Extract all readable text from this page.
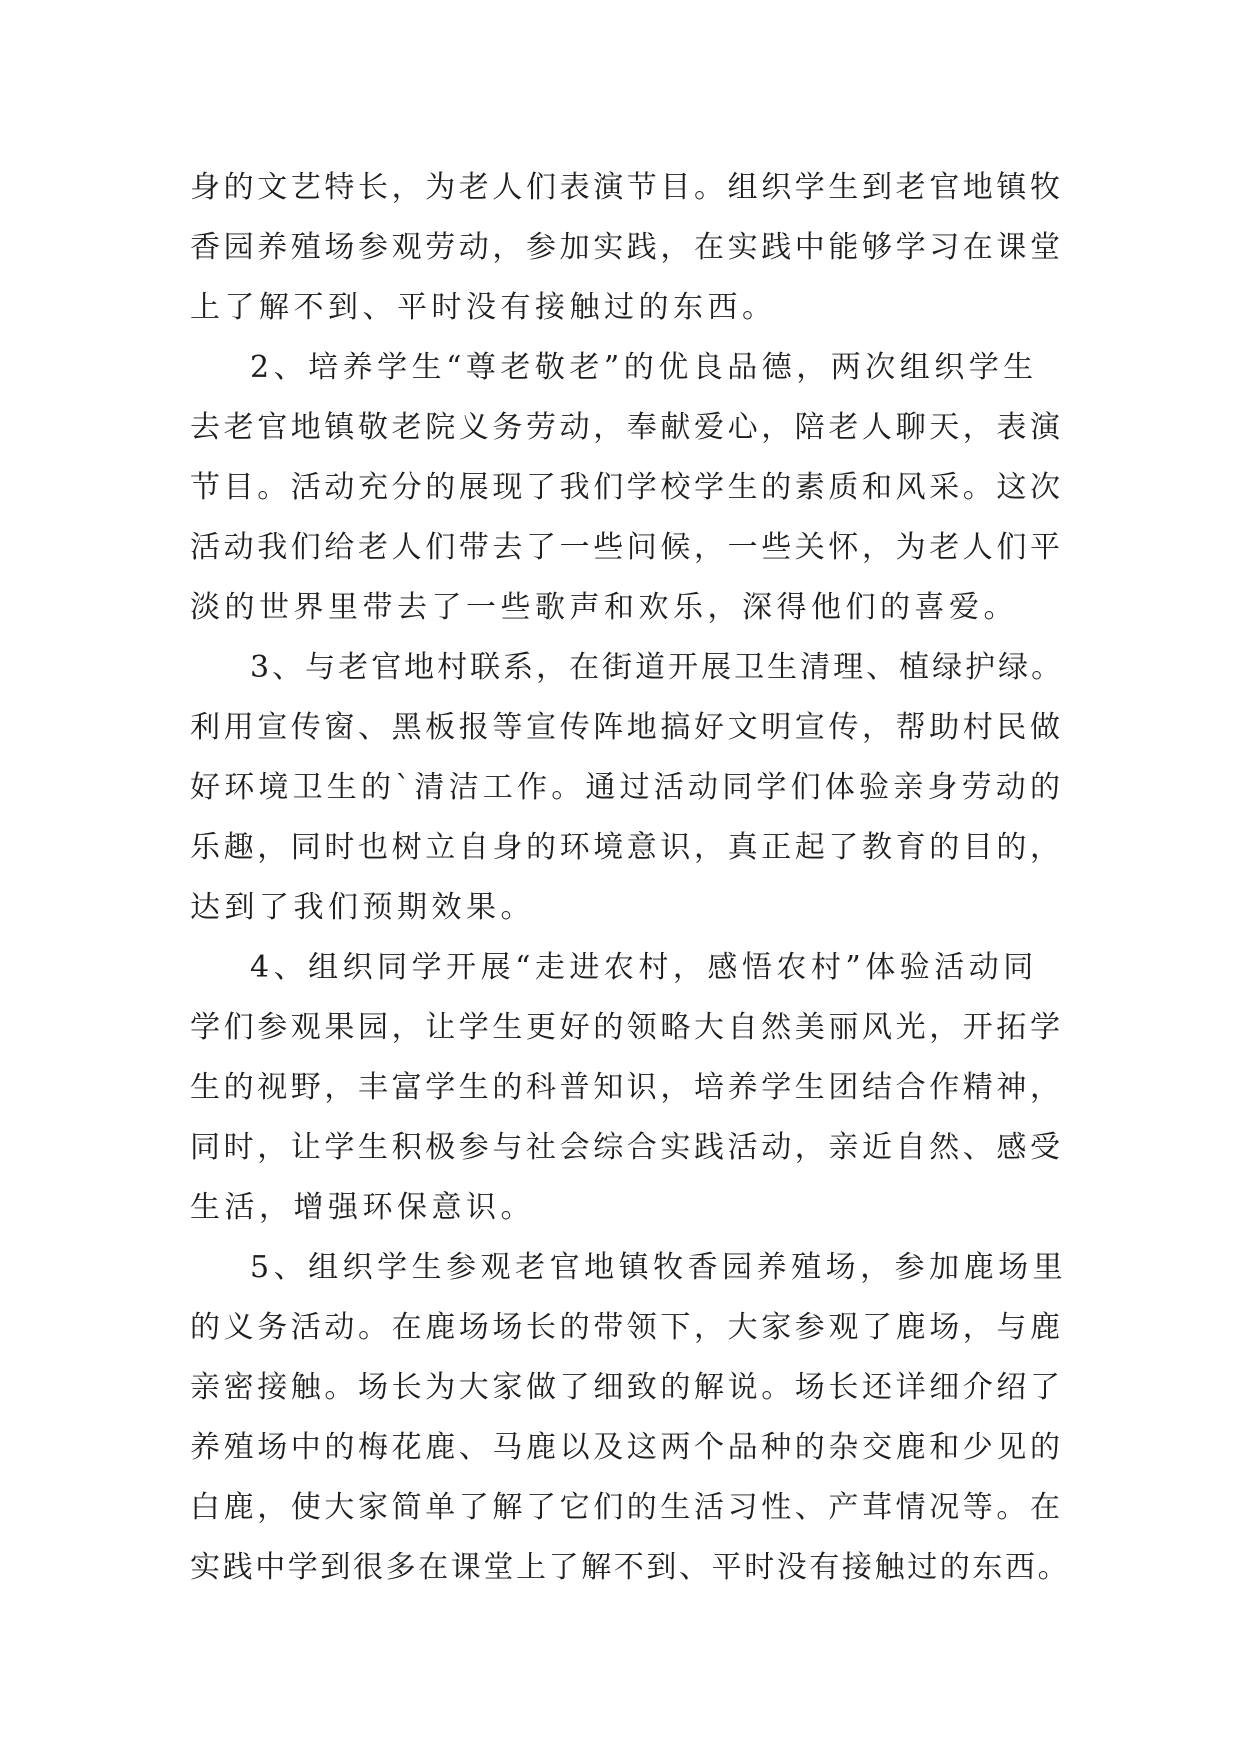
身的文艺特长，为老人们表演节目。组织学生到老官地镇牧
香园养殖场参观劳动，参加实践，在实践中能够学习在课堂
上了解不到、平时没有接触过的东西。
2、培养学生“尊老敬老”的优良品德，两次组织学生
去老官地镇敬老院义务劳动，奉献爱心，陪老人聊天，表演
节目。活动充分的展现了我们学校学生的素质和风采。这次
活动我们给老人们带去了一些问候，一些关怀，为老人们平
淡的世界里带去了一些歌声和欢乐，深得他们的喜爱。
3、与老官地村联系，在街道开展卫生清理、植绿护绿。
利用宣传窗、黑板报等宣传阵地搞好文明宣传，帮助村民做
好环境卫生的`清洁工作。通过活动同学们体验亲身劳动的
乐趣，同时也树立自身的环境意识，真正起了教育的目的，
达到了我们预期效果。
4、组织同学开展“走进农村，感悟农村”体验活动同
学们参观果园，让学生更好的领略大自然美丽风光，开拓学
生的视野，丰富学生的科普知识，培养学生团结合作精神，
同时，让学生积极参与社会综合实践活动，亲近自然、感受
生活，增强环保意识。
5、组织学生参观老官地镇牧香园养殖场，参加鹿场里
的义务活动。在鹿场场长的带领下，大家参观了鹿场，与鹿
亲密接触。场长为大家做了细致的解说。场长还详细介绍了
养殖场中的梅花鹿、马鹿以及这两个品种的杂交鹿和少见的
白鹿，使大家简单了解了它们的生活习性、产茸情况等。在
实践中学到很多在课堂上了解不到、平时没有接触过的东西。
